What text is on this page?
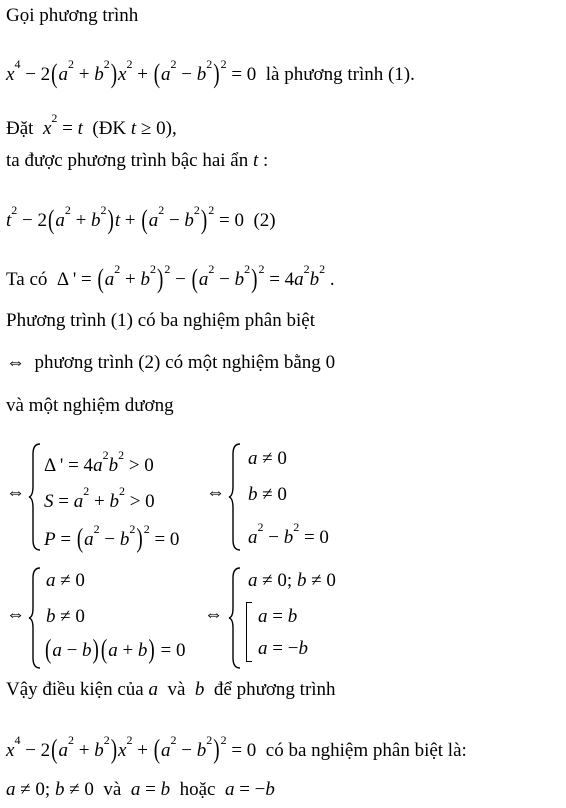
Gọi phương trình
$x^4 - 2(a^2 + b^2)x^2 + (a^2 - b^2)^2 = 0$  là phương trình (1).
Đặt $x^2 = t$ (ĐK t ≥ 0),
ta được phương trình bậc hai ẩn t :
$t^2 - 2(a^2 + b^2)t + (a^2 - b^2)^2 = 0$  (2)
Ta có  Δ ' = $(a^2 + b^2)^2 - (a^2 - b^2)^2 = 4a^2b^2$ .
Phương trình (1) có ba nghiệm phân biệt
⇔ phương trình (2) có một nghiệm bằng 0
và một nghiệm dương
⇔
Δ ' = $4a^2b^2 > 0$
$S = a^2 + b^2 > 0$
$P = (a^2 - b^2)^2 = 0$
⇔
a ≠ 0
b ≠ 0
$a^2 - b^2 = 0$
⇔
a ≠ 0
b ≠ 0
(a − b) (a + b) = 0
⇔
a ≠ 0; b ≠ 0
a = b
a = −b
Vậy điều kiện của a và b để phương trình
$x^4 - 2(a^2 + b^2)x^2 + (a^2 - b^2)^2 = 0$  có ba nghiệm phân biệt là:
a ≠ 0; b ≠ 0  và a = b hoặc a = −b
